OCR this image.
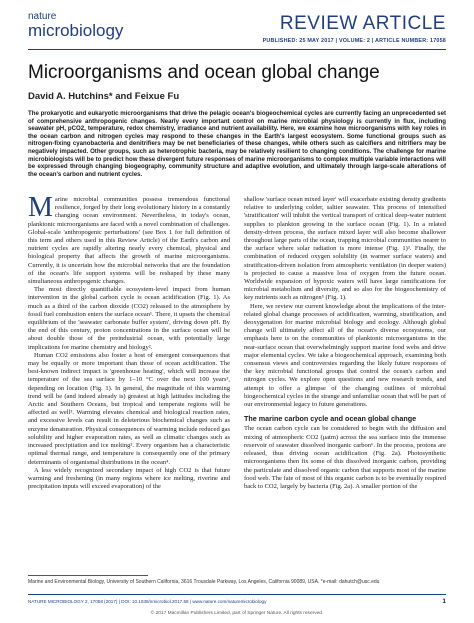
nature
microbiology	REVIEW ARTICLE
PUBLISHED: 25 MAY 2017 | VOLUME: 2 | ARTICLE NUMBER: 17058
Microorganisms and ocean global change
David A. Hutchins* and Feixue Fu
The prokaryotic and eukaryotic microorganisms that drive the pelagic ocean's biogeochemical cycles are currently facing an unprecedented set of comprehensive anthropogenic changes. Nearly every important control on marine microbial physiology is currently in flux, including seawater pH, pCO2, temperature, redox chemistry, irradiance and nutrient availability. Here, we examine how microorganisms with key roles in the ocean carbon and nitrogen cycles may respond to these changes in the Earth's largest ecosystem. Some functional groups such as nitrogen-fixing cyanobacteria and denitrifiers may be net beneficiaries of these changes, while others such as calcifiers and nitrifiers may be negatively impacted. Other groups, such as heterotrophic bacteria, may be relatively resilient to changing conditions. The challenge for marine microbiologists will be to predict how these divergent future responses of marine microorganisms to complex multiple variable interactions will be expressed through changing biogeography, community structure and adaptive evolution, and ultimately through large-scale alterations of the ocean's carbon and nutrient cycles.

Marine microbial communities possess tremendous functional resilience, forged by their long evolutionary history in a constantly changing ocean environment. Nevertheless, in today's ocean, planktonic microorganisms are faced with a novel combination of challenges. Global-scale 'anthropogenic perturbations' (see Box 1 for full definition of this term and others used in this Review Article) of the Earth's carbon and nutrient cycles are rapidly altering nearly every chemical, physical and biological property that affects the growth of marine microorganisms. Currently, it is uncertain how the microbial networks that are the foundation of the ocean's life support systems will be reshaped by these many simultaneous anthropogenic changes.

The most directly quantifiable ecosystem-level impact from human intervention in the global carbon cycle is ocean acidification (Fig. 1). As much as a third of the carbon dioxide (CO2) released to the atmosphere by fossil fuel combustion enters the surface ocean¹. There, it upsets the chemical equilibrium of the 'seawater carbonate buffer system', driving down pH. By the end of this century, proton concentrations in the surface ocean will be about double those of the preindustrial ocean, with potentially large implications for marine chemistry and biology².

Human CO2 emissions also foster a host of emergent consequences that may be equally or more important than those of ocean acidification. The best-known indirect impact is 'greenhouse heating', which will increase the temperature of the sea surface by 1–10 °C over the next 100 years³, depending on location (Fig. 1). In general, the magnitude of this warming trend will be (and indeed already is) greatest at high latitudes including the Arctic and Southern Oceans, but tropical and temperate regions will be affected as well³. Warming elevates chemical and biological reaction rates, and excessive levels can result in deleterious biochemical changes such as enzyme denaturation. Physical consequences of warming include reduced gas solubility and higher evaporation rates, as well as climatic changes such as increased precipitation and ice melting³. Every organism has a characteristic optimal thermal range, and temperature is consequently one of the primary determinants of organismal distributions in the ocean⁴.

A less widely recognized secondary impact of high CO2 is that future warming and freshening (in many regions where ice melting, riverine and precipitation inputs will exceed evaporation) of the

shallow 'surface ocean mixed layer' will exacerbate existing density gradients relative to underlying colder, saltier seawater. This process of intensified 'stratification' will inhibit the vertical transport of critical deep-water nutrient supplies to plankton growing in the surface ocean (Fig. 1). In a related density-driven process, the surface mixed layer will also become shallower throughout large parts of the ocean, trapping microbial communities nearer to the surface where solar radiation is more intense (Fig. 1)³. Finally, the combination of reduced oxygen solubility (in warmer surface waters) and stratification-driven isolation from atmospheric ventilation (in deeper waters) is projected to cause a massive loss of oxygen from the future ocean. Worldwide expansion of hypoxic waters will have large ramifications for microbial metabolism and diversity, and so also for the biogeochemistry of key nutrients such as nitrogen⁵ (Fig. 1).

Here, we review our current knowledge about the implications of the inter-related global change processes of acidification, warming, stratification, and deoxygenation for marine microbial biology and ecology. Although global change will ultimately affect all of the ocean's diverse ecosystems, our emphasis here is on the communities of planktonic microorganisms in the near-surface ocean that overwhelmingly support marine food webs and drive major elemental cycles. We take a biogeochemical approach, examining both consensus views and controversies regarding the likely future responses of the key microbial functional groups that control the ocean's carbon and nitrogen cycles. We explore open questions and new research trends, and attempt to offer a glimpse of the changing outlines of microbial biogeochemical cycles in the strange and unfamiliar ocean that will be part of our environmental legacy to future generations.

The marine carbon cycle and ocean global change

The ocean carbon cycle can be considered to begin with the diffusion and mixing of atmospheric CO2 (μatm) across the sea surface into the immense reservoir of seawater dissolved inorganic carbon⁶. In the process, protons are released, thus driving ocean acidification (Fig. 2a). Photosynthetic microorganisms then fix some of this dissolved inorganic carbon, providing the particulate and dissolved organic carbon that supports most of the marine food web. The fate of most of this organic carbon is to be eventually respired back to CO2, largely by bacteria (Fig. 2a). A smaller portion of the

Marine and Environmental Biology, University of Southern California, 3616 Trousdale Parkway, Los Angeles, California 90089, USA. *e-mail: dahutch@usc.edu
NATURE MICROBIOLOGY 2, 17058 (2017) | DOI: 10.1038/nmicrobiol.2017.58 | www.nature.com/naturemicrobiology	1
© 2017 Macmillan Publishers Limited, part of Springer Nature. All rights reserved.
